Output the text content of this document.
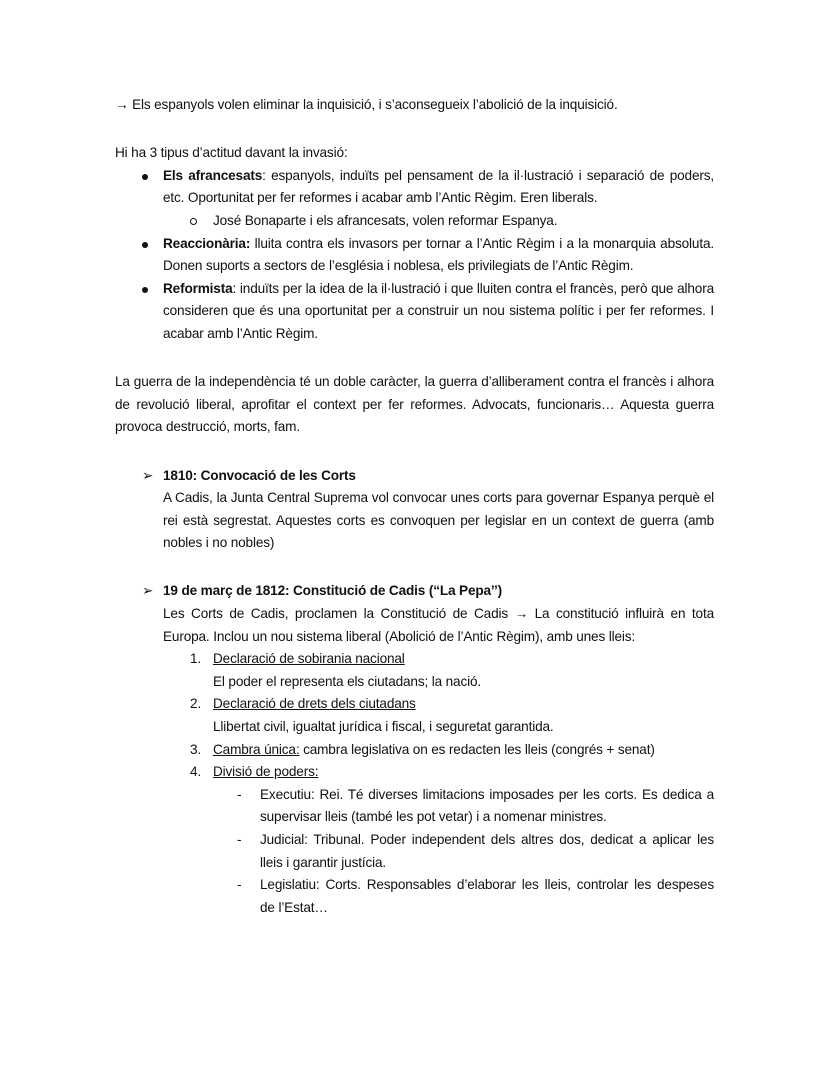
→ Els espanyols volen eliminar la inquisició, i s’aconsegueix l’abolició de la inquisició.

Hi ha 3 tipus d’actitud davant la invasió:

Els afrancesats: espanyols, induïts pel pensament de la il·lustració i separació de poders, etc. Oportunitat per fer reformes i acabar amb l’Antic Règim. Eren liberals.
José Bonaparte i els afrancesats, volen reformar Espanya.
Reaccionària: lluita contra els invasors per tornar a l’Antic Règim i a la monarquia absoluta. Donen suports a sectors de l’església i noblesa, els privilegiats de l’Antic Règim.
Reformista: induïts per la idea de la il·lustració i que lluiten contra el francès, però que alhora consideren que és una oportunitat per a construir un nou sistema polític i per fer reformes. I acabar amb l’Antic Règim.

La guerra de la independència té un doble caràcter, la guerra d’alliberament contra el francès i alhora de revolució liberal, aprofitar el context per fer reformes. Advocats, funcionaris… Aquesta guerra provoca destrucció, morts, fam.

➢ 1810: Convocació de les Corts
A Cadis, la Junta Central Suprema vol convocar unes corts para governar Espanya perquè el rei està segrestat. Aquestes corts es convoquen per legislar en un context de guerra (amb nobles i no nobles)
➢ 19 de març de 1812: Constitució de Cadis (“La Pepa’’)
Les Corts de Cadis, proclamen la Constitució de Cadis → La constitució influirà en tota Europa. Inclou un nou sistema liberal (Abolició de l’Antic Règim), amb unes lleis:
1. Declaració de sobirania nacional
El poder el representa els ciutadans; la nació.
2. Declaració de drets dels ciutadans
Llibertat civil, igualtat jurídica i fiscal, i seguretat garantida.
3. Cambra única: cambra legislativa on es redacten les lleis (congrés + senat)
4. Divisió de poders:
- Executiu: Rei. Té diverses limitacions imposades per les corts. Es dedica a supervisar lleis (també les pot vetar) i a nomenar ministres.
- Judicial: Tribunal. Poder independent dels altres dos, dedicat a aplicar les lleis i garantir justícia.
- Legislatiu: Corts. Responsables d’elaborar les lleis, controlar les despeses de l’Estat…
